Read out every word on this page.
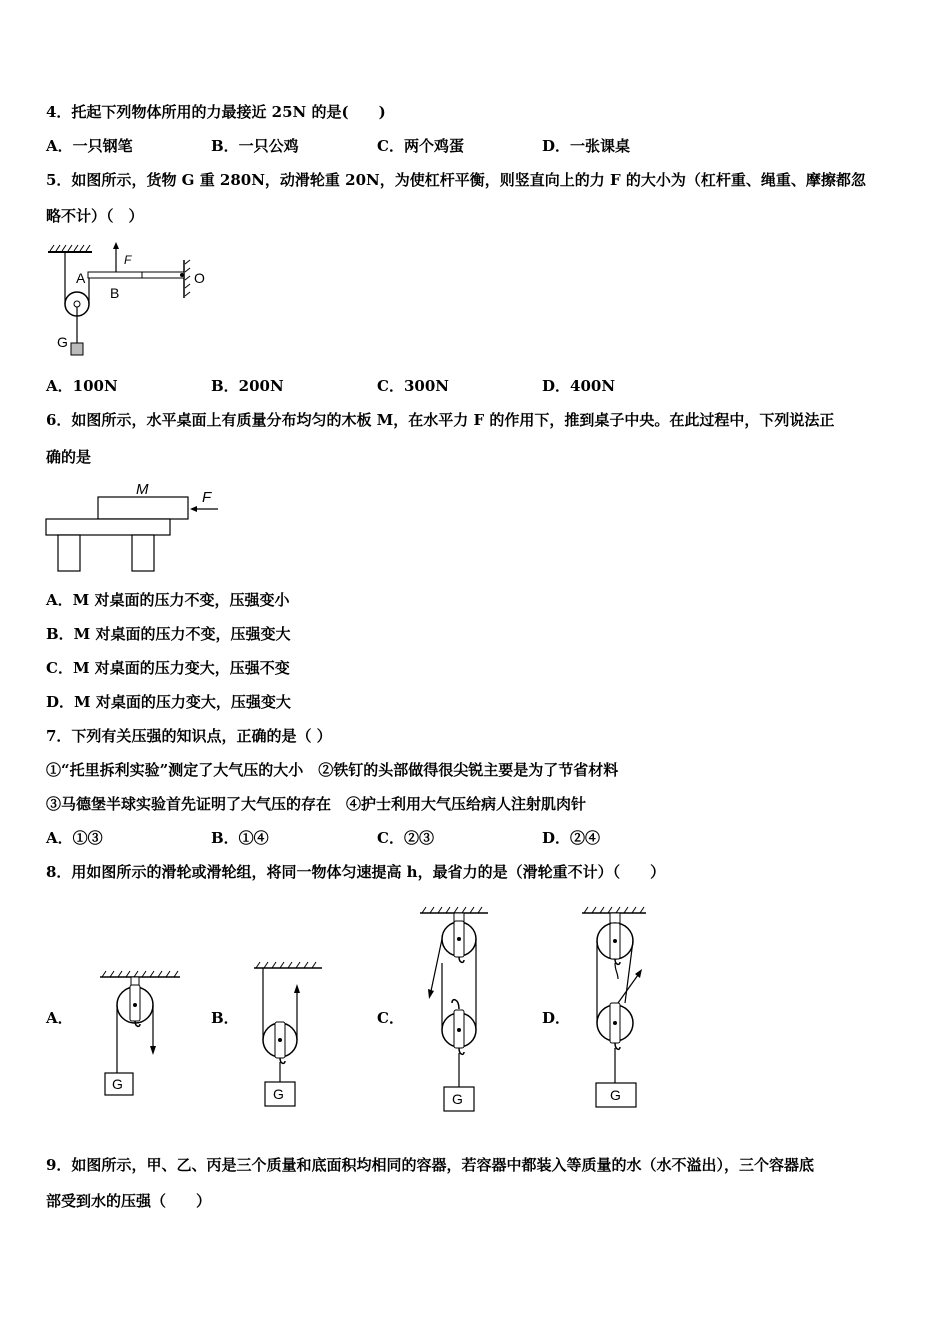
4．托起下列物体所用的力最接近 25N 的是(　　)
A．一只钢笔	B．一只公鸡	C．两个鸡蛋	D．一张课桌
5．如图所示，货物 G 重 280N，动滑轮重 20N，为使杠杆平衡，则竖直向上的力 F 的大小为（杠杆重、绳重、摩擦都忽
略不计）（　）
A
B
F
O
G
A．100N	B．200N	C．300N	D．400N
6．如图所示，水平桌面上有质量分布均匀的木板 M，在水平力 F 的作用下，推到桌子中央。在此过程中，下列说法正
确的是
M	F
A．M 对桌面的压力不变，压强变小
B．M 对桌面的压力不变，压强变大
C．M 对桌面的压力变大，压强不变
D．M 对桌面的压力变大，压强变大
7．下列有关压强的知识点，正确的是（ ）
①“托里拆利实验”测定了大气压的大小　②铁钉的头部做得很尖锐主要是为了节省材料
③马德堡半球实验首先证明了大气压的存在　④护士利用大气压给病人注射肌肉针
A．①③	B．①④	C．②③	D．②④
8．用如图所示的滑轮或滑轮组，将同一物体匀速提高 h，最省力的是（滑轮重不计）（　　）
A．	B．	C．	D．
G
G	G	G
9．如图所示，甲、乙、丙是三个质量和底面积均相同的容器，若容器中都装入等质量的水（水不溢出），三个容器底
部受到水的压强（　　）
